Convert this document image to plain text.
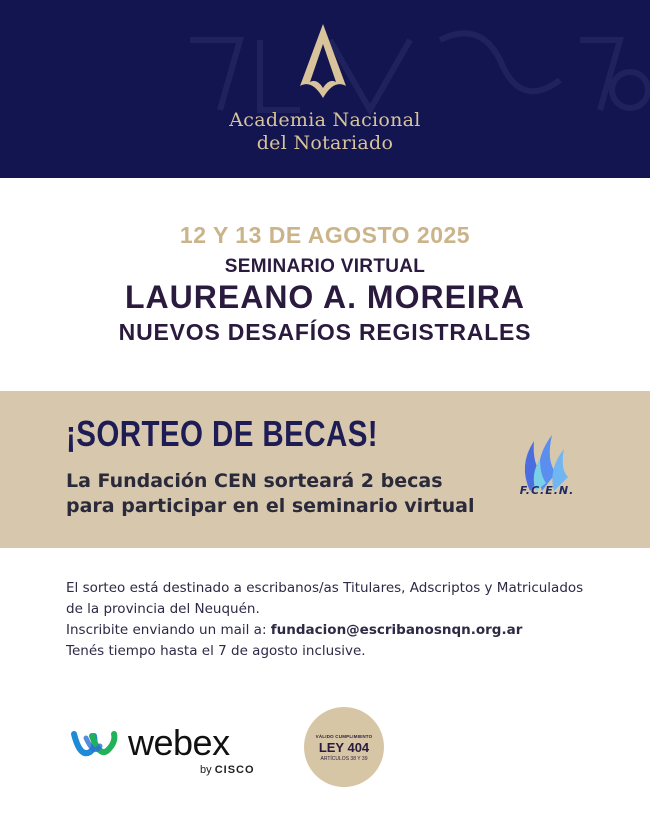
Academia Nacional
del Notariado
12 Y 13 DE AGOSTO 2025
SEMINARIO VIRTUAL
LAUREANO A. MOREIRA
NUEVOS DESAFÍOS REGISTRALES
¡SORTEO DE BECAS!
La Fundación CEN sorteará 2 becas
para participar en el seminario virtual
F.C.E.N.

El sorteo está destinado a escribanos/as Titulares, Adscriptos y Matriculados

de la provincia del Neuquén.

Inscribite enviando un mail a: fundacion@escribanosnqn.org.ar

Tenés tiempo hasta el 7 de agosto inclusive.

webex
by CISCO
VÁLIDO CUMPLIMIENTO
LEY 404
ARTÍCULOS 38 Y 39
